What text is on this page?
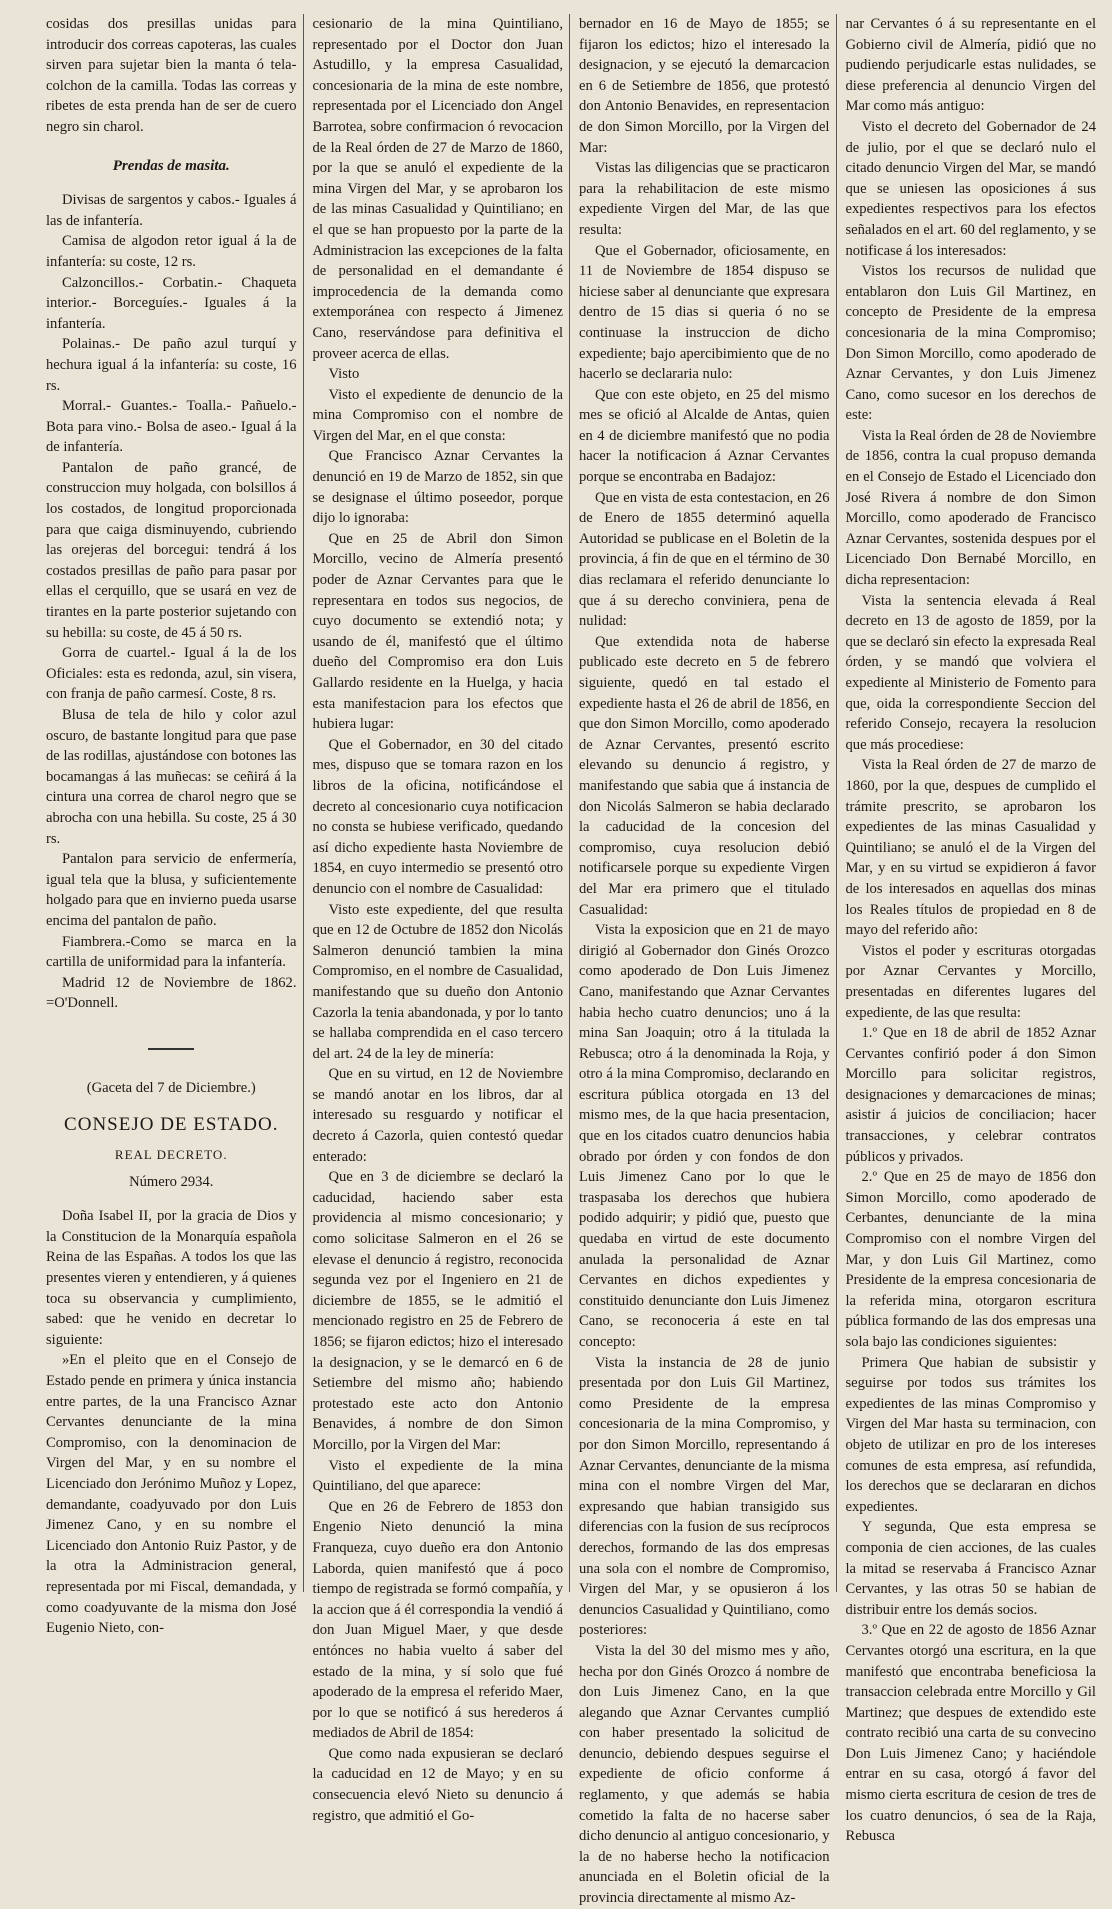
cosidas dos presillas unidas para introducir dos correas capoteras, las cuales sirven para sujetar bien la manta ó tela-colchon de la camilla. Todas las correas y ribetes de esta prenda han de ser de cuero negro sin charol.

Prendas de masita.

Divisas de sargentos y cabos.- Iguales á las de infantería.

Camisa de algodon retor igual á la de infantería: su coste, 12 rs.

Calzoncillos.- Corbatin.- Chaqueta interior.- Borceguíes.- Iguales á la infantería.

Polainas.- De paño azul turquí y hechura igual á la infantería: su coste, 16 rs.

Morral.- Guantes.- Toalla.- Pañuelo.- Bota para vino.- Bolsa de aseo.- Igual á la de infantería.

Pantalon de paño grancé, de construccion muy holgada, con bolsillos á los costados, de longitud proporcionada para que caiga disminuyendo, cubriendo las orejeras del borcegui: tendrá á los costados presillas de paño para pasar por ellas el cerquillo, que se usará en vez de tirantes en la parte posterior sujetando con su hebilla: su coste, de 45 á 50 rs.

Gorra de cuartel.- Igual á la de los Oficiales: esta es redonda, azul, sin visera, con franja de paño carmesí. Coste, 8 rs.

Blusa de tela de hilo y color azul oscuro, de bastante longitud para que pase de las rodillas, ajustándose con botones las bocamangas á las muñecas: se ceñirá á la cintura una correa de charol negro que se abrocha con una hebilla. Su coste, 25 á 30 rs.

Pantalon para servicio de enfermería, igual tela que la blusa, y suficientemente holgado para que en invierno pueda usarse encima del pantalon de paño.

Fiambrera.-Como se marca en la cartilla de uniformidad para la infantería.

Madrid 12 de Noviembre de 1862. =O'Donnell.

(Gaceta del 7 de Diciembre.)

CONSEJO DE ESTADO.

REAL DECRETO.

Número 2934.

Doña Isabel II, por la gracia de Dios y la Constitucion de la Monarquía española Reina de las Españas. A todos los que las presentes vieren y entendieren, y á quienes toca su observancia y cumplimiento, sabed: que he venido en decretar lo siguiente:

»En el pleito que en el Consejo de Estado pende en primera y única instancia entre partes, de la una Francisco Aznar Cervantes denunciante de la mina Compromiso, con la denominacion de Virgen del Mar, y en su nombre el Licenciado don Jerónimo Muñoz y Lopez, demandante, coadyuvado por don Luis Jimenez Cano, y en su nombre el Licenciado don Antonio Ruiz Pastor, y de la otra la Administracion general, representada por mi Fiscal, demandada, y como coadyuvante de la misma don José Eugenio Nieto, con-

cesionario de la mina Quintiliano, representado por el Doctor don Juan Astudillo, y la empresa Casualidad, concesionaria de la mina de este nombre, representada por el Licenciado don Angel Barrotea, sobre confirmacion ó revocacion de la Real órden de 27 de Marzo de 1860, por la que se anuló el expediente de la mina Virgen del Mar, y se aprobaron los de las minas Casualidad y Quintiliano; en el que se han propuesto por la parte de la Administracion las excepciones de la falta de personalidad en el demandante é improcedencia de la demanda como extemporánea con respecto á Jimenez Cano, reservándose para definitiva el proveer acerca de ellas.

Visto

Visto el expediente de denuncio de la mina Compromiso con el nombre de Virgen del Mar, en el que consta:

Que Francisco Aznar Cervantes la denunció en 19 de Marzo de 1852, sin que se designase el último poseedor, porque dijo lo ignoraba:

Que en 25 de Abril don Simon Morcillo, vecino de Almería presentó poder de Aznar Cervantes para que le representara en todos sus negocios, de cuyo documento se extendió nota; y usando de él, manifestó que el último dueño del Compromiso era don Luis Gallardo residente en la Huelga, y hacia esta manifestacion para los efectos que hubiera lugar:

Que el Gobernador, en 30 del citado mes, dispuso que se tomara razon en los libros de la oficina, notificándose el decreto al concesionario cuya notificacion no consta se hubiese verificado, quedando así dicho expediente hasta Noviembre de 1854, en cuyo intermedio se presentó otro denuncio con el nombre de Casualidad:

Visto este expediente, del que resulta que en 12 de Octubre de 1852 don Nicolás Salmeron denunció tambien la mina Compromiso, en el nombre de Casualidad, manifestando que su dueño don Antonio Cazorla la tenia abandonada, y por lo tanto se hallaba comprendida en el caso tercero del art. 24 de la ley de minería:

Que en su virtud, en 12 de Noviembre se mandó anotar en los libros, dar al interesado su resguardo y notificar el decreto á Cazorla, quien contestó quedar enterado:

Que en 3 de diciembre se declaró la caducidad, haciendo saber esta providencia al mismo concesionario; y como solicitase Salmeron en el 26 se elevase el denuncio á registro, reconocida segunda vez por el Ingeniero en 21 de diciembre de 1855, se le admitió el mencionado registro en 25 de Febrero de 1856; se fijaron edictos; hizo el interesado la designacion, y se le demarcó en 6 de Setiembre del mismo año; habiendo protestado este acto don Antonio Benavides, á nombre de don Simon Morcillo, por la Virgen del Mar:

Visto el expediente de la mina Quintiliano, del que aparece:

Que en 26 de Febrero de 1853 don Engenio Nieto denunció la mina Franqueza, cuyo dueño era don Antonio Laborda, quien manifestó que á poco tiempo de registrada se formó compañía, y la accion que á él correspondia la vendió á don Juan Miguel Maer, y que desde entónces no habia vuelto á saber del estado de la mina, y sí solo que fué apoderado de la empresa el referido Maer, por lo que se notificó á sus herederos á mediados de Abril de 1854:

Que como nada expusieran se declaró la caducidad en 12 de Mayo; y en su consecuencia elevó Nieto su denuncio á registro, que admitió el Go-

bernador en 16 de Mayo de 1855; se fijaron los edictos; hizo el interesado la designacion, y se ejecutó la demarcacion en 6 de Setiembre de 1856, que protestó don Antonio Benavides, en representacion de don Simon Morcillo, por la Virgen del Mar:

Vistas las diligencias que se practicaron para la rehabilitacion de este mismo expediente Virgen del Mar, de las que resulta:

Que el Gobernador, oficiosamente, en 11 de Noviembre de 1854 dispuso se hiciese saber al denunciante que expresara dentro de 15 dias si queria ó no se continuase la instruccion de dicho expediente; bajo apercibimiento que de no hacerlo se declararia nulo:

Que con este objeto, en 25 del mismo mes se ofició al Alcalde de Antas, quien en 4 de diciembre manifestó que no podia hacer la notificacion á Aznar Cervantes porque se encontraba en Badajoz:

Que en vista de esta contestacion, en 26 de Enero de 1855 determinó aquella Autoridad se publicase en el Boletin de la provincia, á fin de que en el término de 30 dias reclamara el referido denunciante lo que á su derecho conviniera, pena de nulidad:

Que extendida nota de haberse publicado este decreto en 5 de febrero siguiente, quedó en tal estado el expediente hasta el 26 de abril de 1856, en que don Simon Morcillo, como apoderado de Aznar Cervantes, presentó escrito elevando su denuncio á registro, y manifestando que sabia que á instancia de don Nicolás Salmeron se habia declarado la caducidad de la concesion del compromiso, cuya resolucion debió notificarsele porque su expediente Virgen del Mar era primero que el titulado Casualidad:

Vista la exposicion que en 21 de mayo dirigió al Gobernador don Ginés Orozco como apoderado de Don Luis Jimenez Cano, manifestando que Aznar Cervantes habia hecho cuatro denuncios; uno á la mina San Joaquin; otro á la titulada la Rebusca; otro á la denominada la Roja, y otro á la mina Compromiso, declarando en escritura pública otorgada en 13 del mismo mes, de la que hacia presentacion, que en los citados cuatro denuncios habia obrado por órden y con fondos de don Luis Jimenez Cano por lo que le traspasaba los derechos que hubiera podido adquirir; y pidió que, puesto que quedaba en virtud de este documento anulada la personalidad de Aznar Cervantes en dichos expedientes y constituido denunciante don Luis Jimenez Cano, se reconoceria á este en tal concepto:

Vista la instancia de 28 de junio presentada por don Luis Gil Martinez, como Presidente de la empresa concesionaria de la mina Compromiso, y por don Simon Morcillo, representando á Aznar Cervantes, denunciante de la misma mina con el nombre Virgen del Mar, expresando que habian transigido sus diferencias con la fusion de sus recíprocos derechos, formando de las dos empresas una sola con el nombre de Compromiso, Virgen del Mar, y se opusieron á los denuncios Casualidad y Quintiliano, como posteriores:

Vista la del 30 del mismo mes y año, hecha por don Ginés Orozco á nombre de don Luis Jimenez Cano, en la que alegando que Aznar Cervantes cumplió con haber presentado la solicitud de denuncio, debiendo despues seguirse el expediente de oficio conforme á reglamento, y que además se habia cometido la falta de no hacerse saber dicho denuncio al antiguo concesionario, y la de no haberse hecho la notificacion anunciada en el Boletin oficial de la provincia directamente al mismo Az-

nar Cervantes ó á su representante en el Gobierno civil de Almería, pidió que no pudiendo perjudicarle estas nulidades, se diese preferencia al denuncio Virgen del Mar como más antiguo:

Visto el decreto del Gobernador de 24 de julio, por el que se declaró nulo el citado denuncio Virgen del Mar, se mandó que se uniesen las oposiciones á sus expedientes respectivos para los efectos señalados en el art. 60 del reglamento, y se notificase á los interesados:

Vistos los recursos de nulidad que entablaron don Luis Gil Martinez, en concepto de Presidente de la empresa concesionaria de la mina Compromiso; Don Simon Morcillo, como apoderado de Aznar Cervantes, y don Luis Jimenez Cano, como sucesor en los derechos de este:

Vista la Real órden de 28 de Noviembre de 1856, contra la cual propuso demanda en el Consejo de Estado el Licenciado don José Rivera á nombre de don Simon Morcillo, como apoderado de Francisco Aznar Cervantes, sostenida despues por el Licenciado Don Bernabé Morcillo, en dicha representacion:

Vista la sentencia elevada á Real decreto en 13 de agosto de 1859, por la que se declaró sin efecto la expresada Real órden, y se mandó que volviera el expediente al Ministerio de Fomento para que, oida la correspondiente Seccion del referido Consejo, recayera la resolucion que más procediese:

Vista la Real órden de 27 de marzo de 1860, por la que, despues de cumplido el trámite prescrito, se aprobaron los expedientes de las minas Casualidad y Quintiliano; se anuló el de la Virgen del Mar, y en su virtud se expidieron á favor de los interesados en aquellas dos minas los Reales títulos de propiedad en 8 de mayo del referido año:

Vistos el poder y escrituras otorgadas por Aznar Cervantes y Morcillo, presentadas en diferentes lugares del expediente, de las que resulta:

1.º Que en 18 de abril de 1852 Aznar Cervantes confirió poder á don Simon Morcillo para solicitar registros, designaciones y demarcaciones de minas; asistir á juicios de conciliacion; hacer transacciones, y celebrar contratos públicos y privados.

2.º Que en 25 de mayo de 1856 don Simon Morcillo, como apoderado de Cerbantes, denunciante de la mina Compromiso con el nombre Virgen del Mar, y don Luis Gil Martinez, como Presidente de la empresa concesionaria de la referida mina, otorgaron escritura pública formando de las dos empresas una sola bajo las condiciones siguientes:

Primera Que habian de subsistir y seguirse por todos sus trámites los expedientes de las minas Compromiso y Virgen del Mar hasta su terminacion, con objeto de utilizar en pro de los intereses comunes de esta empresa, así refundida, los derechos que se declararan en dichos expedientes.

Y segunda, Que esta empresa se componia de cien acciones, de las cuales la mitad se reservaba á Francisco Aznar Cervantes, y las otras 50 se habian de distribuir entre los demás socios.

3.º Que en 22 de agosto de 1856 Aznar Cervantes otorgó una escritura, en la que manifestó que encontraba beneficiosa la transaccion celebrada entre Morcillo y Gil Martinez; que despues de extendido este contrato recibió una carta de su convecino Don Luis Jimenez Cano; y haciéndole entrar en su casa, otorgó á favor del mismo cierta escritura de cesion de tres de los cuatro denuncios, ó sea de la Raja, Rebusca
